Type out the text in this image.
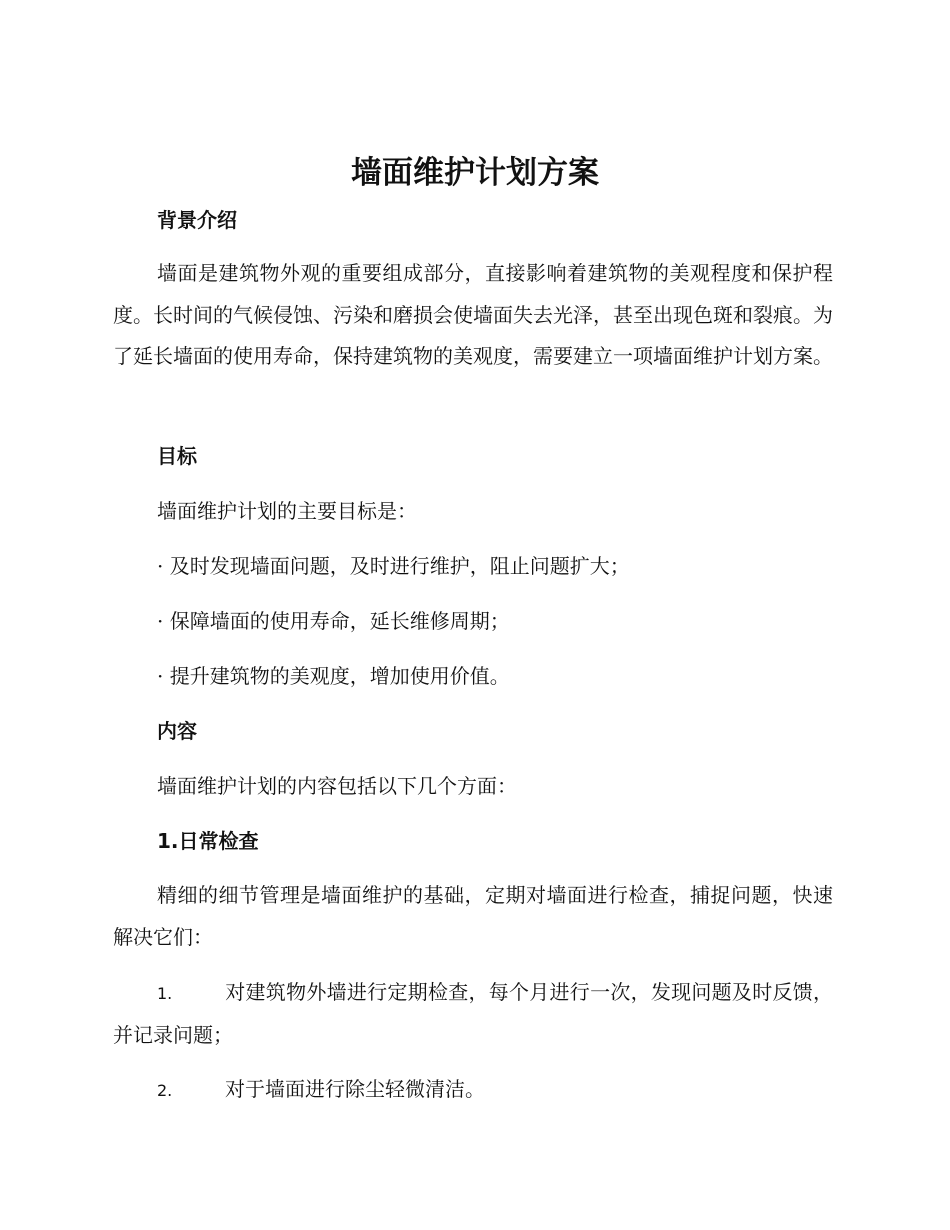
墙面维护计划方案
背景介绍

墙面是建筑物外观的重要组成部分，直接影响着建筑物的美观程度和保护程度。长时间的气候侵蚀、污染和磨损会使墙面失去光泽，甚至出现色斑和裂痕。为了延长墙面的使用寿命，保持建筑物的美观度，需要建立一项墙面维护计划方案。

目标

墙面维护计划的主要目标是：

· 及时发现墙面问题，及时进行维护，阻止问题扩大；

· 保障墙面的使用寿命，延长维修周期；

· 提升建筑物的美观度，增加使用价值。

内容

墙面维护计划的内容包括以下几个方面：

1.日常检查

精细的细节管理是墙面维护的基础，定期对墙面进行检查，捕捉问题，快速解决它们：

1.	对建筑物外墙进行定期检查，每个月进行一次，发现问题及时反馈，并记录问题；

2.	对于墙面进行除尘轻微清洁。
